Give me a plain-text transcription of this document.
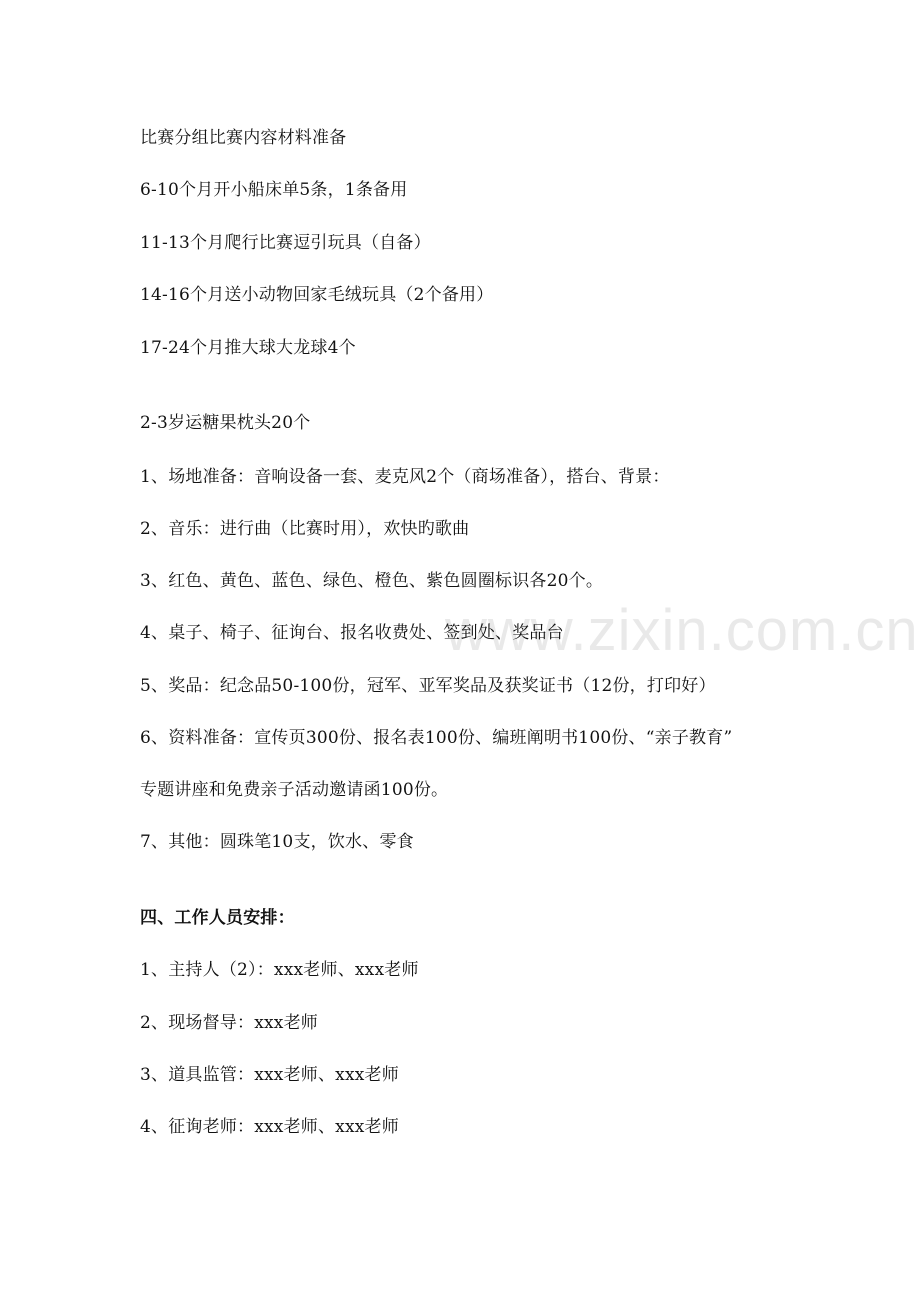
www.zixin.com.cn
比赛分组比赛内容材料准备
6-10个月开小船床单5条，1条备用
11-13个月爬行比赛逗引玩具（自备）
14-16个月送小动物回家毛绒玩具（2个备用）
17-24个月推大球大龙球4个
2-3岁运糖果枕头20个
1、场地准备：音响设备一套、麦克风2个（商场准备），搭台、背景：
2、音乐：进行曲（比赛时用），欢快旳歌曲
3、红色、黄色、蓝色、绿色、橙色、紫色圆圈标识各20个。
4、桌子、椅子、征询台、报名收费处、签到处、奖品台
5、奖品：纪念品50-100份，冠军、亚军奖品及获奖证书（12份，打印好）
6、资料准备：宣传页300份、报名表100份、编班阐明书100份、“亲子教育”
专题讲座和免费亲子活动邀请函100份。
7、其他：圆珠笔10支，饮水、零食
四、工作人员安排：
1、主持人（2）：xxx老师、xxx老师
2、现场督导：xxx老师
3、道具监管：xxx老师、xxx老师
4、征询老师：xxx老师、xxx老师
